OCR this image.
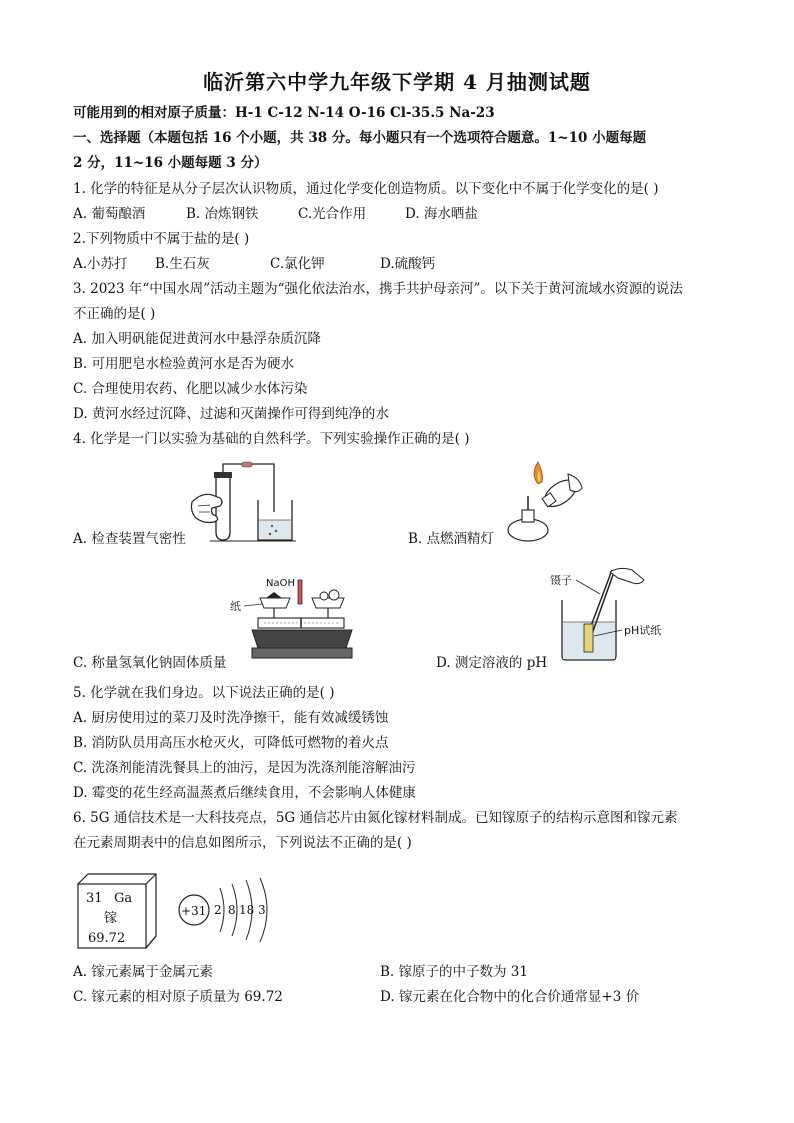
临沂第六中学九年级下学期 4 月抽测试题
可能用到的相对原子质量：H-1 C-12 N-14 O-16 Cl-35.5 Na-23
一、选择题（本题包括 16 个小题，共 38 分。每小题只有一个选项符合题意。1~10 小题每题
2 分，11~16 小题每题 3 分）
1. 化学的特征是从分子层次认识物质，通过化学变化创造物质。以下变化中不属于化学变化的是( )
A. 葡萄酿酒	B. 冶炼钢铁	C.光合作用	D. 海水晒盐
2.下列物质中不属于盐的是( )
A.小苏打 B.生石灰	C.氯化钾	D.硫酸钙
3. 2023 年“中国水周”活动主题为“强化依法治水，携手共护母亲河”。以下关于黄河流域水资源的说法
不正确的是( )
A. 加入明矾能促进黄河水中悬浮杂质沉降
B. 可用肥皂水检验黄河水是否为硬水
C. 合理使用农药、化肥以减少水体污染
D. 黄河水经过沉降、过滤和灭菌操作可得到纯净的水
4. 化学是一门以实验为基础的自然科学。下列实验操作正确的是( )
A. 检查装置气密性	B. 点燃酒精灯
NaOH
纸
C. 称量氢氧化钠固体质量
镊子
pH试纸
D. 测定溶液的 pH
5. 化学就在我们身边。以下说法正确的是( )
A. 厨房使用过的菜刀及时洗净擦干，能有效减缓锈蚀
B. 消防队员用高压水枪灭火，可降低可燃物的着火点
C. 洗涤剂能清洗餐具上的油污，是因为洗涤剂能溶解油污
D. 霉变的花生经高温蒸煮后继续食用，不会影响人体健康
6. 5G 通信技术是一大科技亮点，5G 通信芯片由氮化镓材料制成。已知镓原子的结构示意图和镓元素
在元素周期表中的信息如图所示，下列说法不正确的是( )
31 Ga
镓
69.72
+31 2 8 18 3
A. 镓元素属于金属元素	B. 镓原子的中子数为 31
C. 镓元素的相对原子质量为 69.72	D. 镓元素在化合物中的化合价通常显+3 价
